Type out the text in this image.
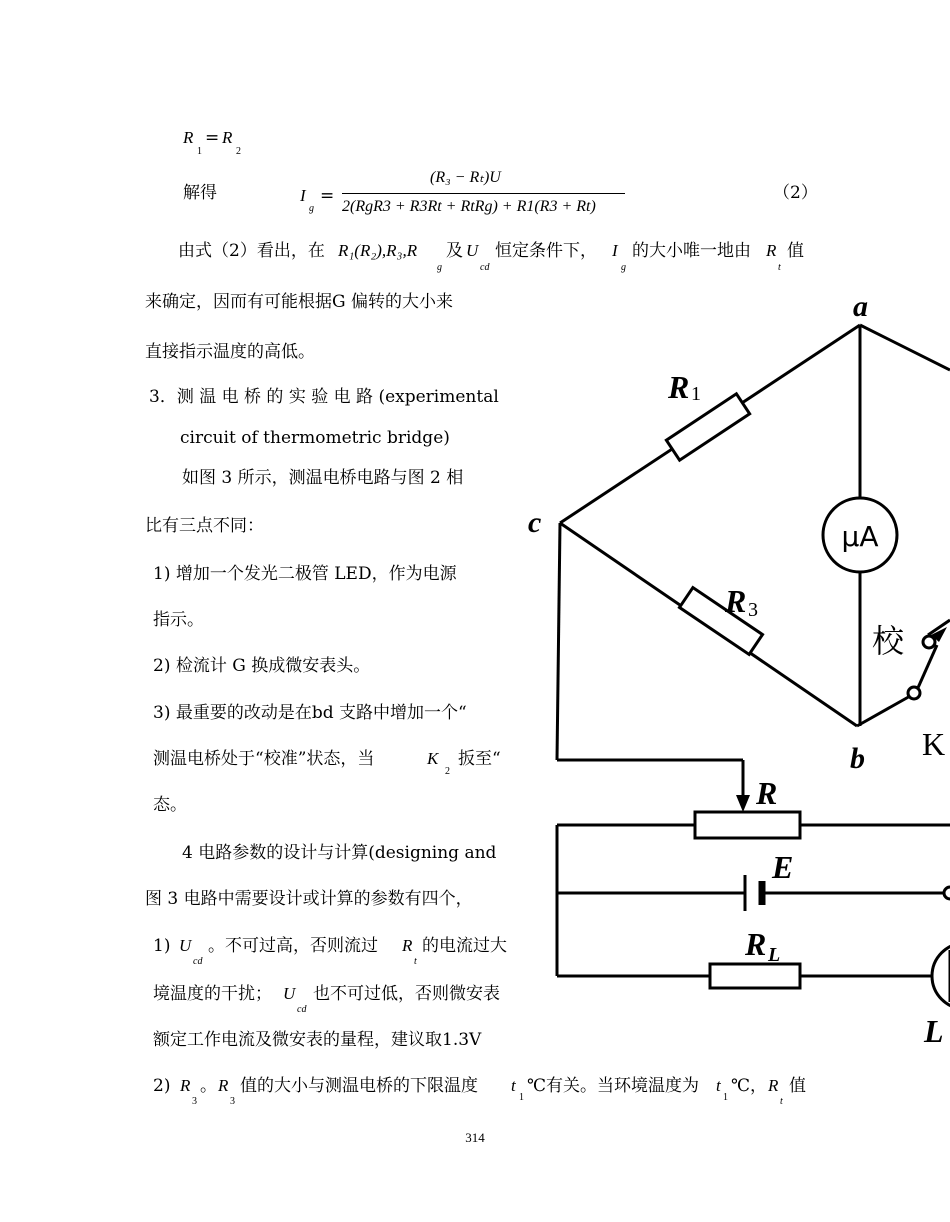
R
1
= R
2
解得	I
g
=
(R₃ − Rₜ)U
2(RgR3 + R3Rt + RtRg) + R1(R3 + Rt)
（2）
由式（2）看出，在 R₁(R₂),R₃,R
g
及 U
cd
恒定条件下， I
g
的大小唯一地由 R
t
值
来确定，因而有可能根据G 偏转的大小来
直接指示温度的高低。
3．测 温 电 桥 的 实 验 电 路 (experimental
circuit of thermometric bridge)
如图 3 所示，测温电桥电路与图 2 相
比有三点不同：
1) 增加一个发光二极管 LED，作为电源
指示。
2) 检流计 G 换成微安表头。
3) 最重要的改动是在bd 支路中增加一个“
测温电桥处于“校准”状态，当	K
2
扳至“
态。
4 电路参数的设计与计算(designing and
图 3 电路中需要设计或计算的参数有四个，
1) U
cd
。不可过高，否则流过 R
t
的电流过大
境温度的干扰； U
cd
也不可过低，否则微安表
额定工作电流及微安表的量程，建议取1.3V
2) R
3
。 R
3
值的大小与测温电桥的下限温度 t
1
℃有关。当环境温度为 t
1
℃， R
t
值
a
c
b
R 1
R 3
R
E
R L
L
μA
校
K
314
